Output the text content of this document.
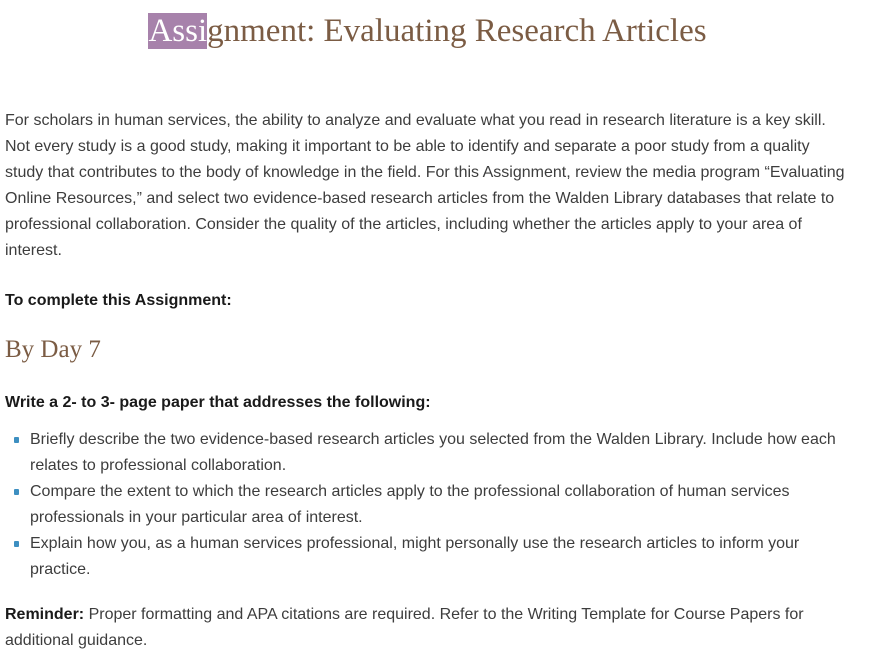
Assignment: Evaluating Research Articles

For scholars in human services, the ability to analyze and evaluate what you read in research literature is a key skill. Not every study is a good study, making it important to be able to identify and separate a poor study from a quality study that contributes to the body of knowledge in the field. For this Assignment, review the media program “Evaluating Online Resources,” and select two evidence-based research articles from the Walden Library databases that relate to professional collaboration. Consider the quality of the articles, including whether the articles apply to your area of interest.

To complete this Assignment:

By Day 7

Write a 2- to 3- page paper that addresses the following:

Briefly describe the two evidence-based research articles you selected from the Walden Library. Include how each relates to professional collaboration.
Compare the extent to which the research articles apply to the professional collaboration of human services professionals in your particular area of interest.
Explain how you, as a human services professional, might personally use the research articles to inform your practice.

Reminder: Proper formatting and APA citations are required. Refer to the Writing Template for Course Papers for additional guidance.
